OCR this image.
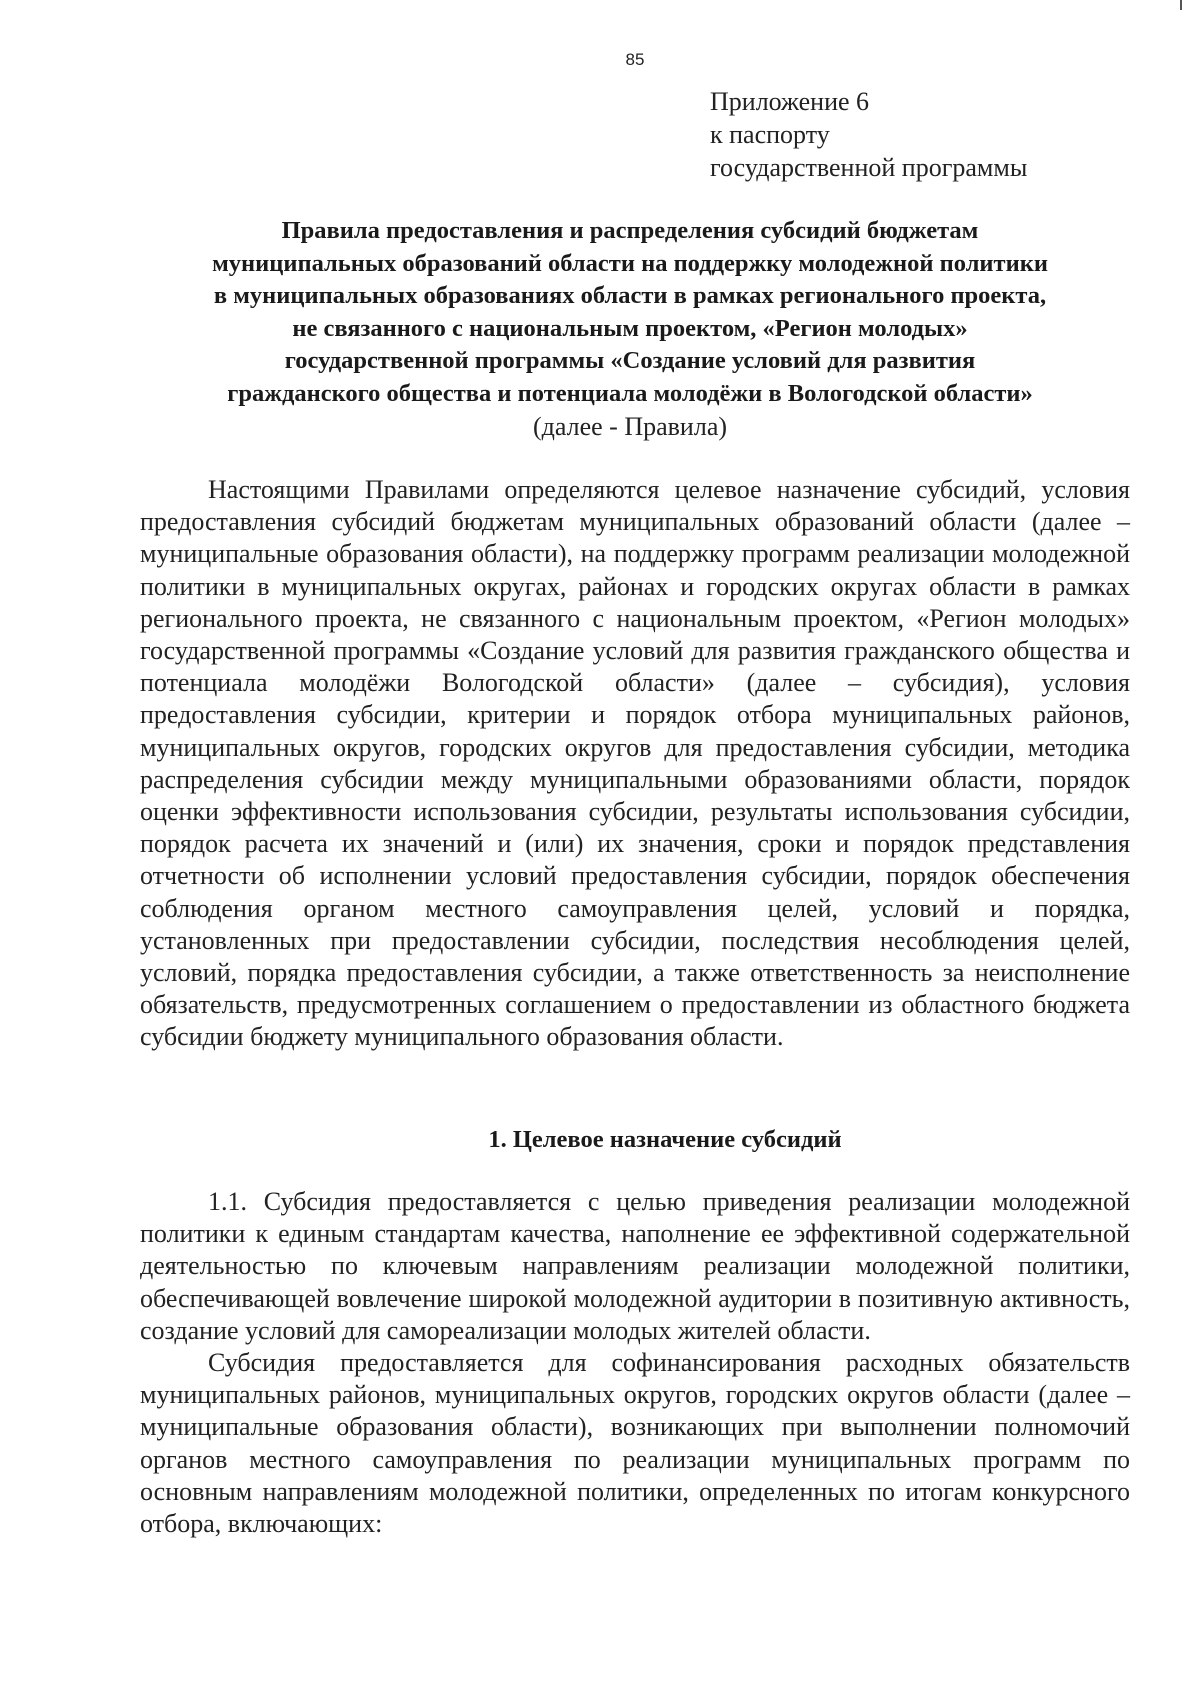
85
Приложение 6
к паспорту
государственной программы
Правила предоставления и распределения субсидий бюджетам
муниципальных образований области на поддержку молодежной политики
в муниципальных образованиях области в рамках регионального проекта,
не связанного с национальным проектом, «Регион молодых»
государственной программы «Создание условий для развития
гражданского общества и потенциала молодёжи в Вологодской области»
(далее - Правила)

Настоящими Правилами определяются целевое назначение субсидий, условия предоставления субсидий бюджетам муниципальных образований области (далее – муниципальные образования области), на поддержку программ реализации молодежной политики в муниципальных округах, районах и городских округах области в рамках регионального проекта, не связанного с национальным проектом, «Регион молодых» государственной программы «Создание условий для развития гражданского общества и потенциала молодёжи Вологодской области» (далее – субсидия), условия предоставления субсидии, критерии и порядок отбора муниципальных районов, муниципальных округов, городских округов для предоставления субсидии, методика распределения субсидии между муниципальными образованиями области, порядок оценки эффективности использования субсидии, результаты использования субсидии, порядок расчета их значений и (или) их значения, сроки и порядок представления отчетности об исполнении условий предоставления субсидии, порядок обеспечения соблюдения органом местного самоуправления целей, условий и порядка, установленных при предоставлении субсидии, последствия несоблюдения целей, условий, порядка предоставления субсидии, а также ответственность за неисполнение обязательств, предусмотренных соглашением о предоставлении из областного бюджета субсидии бюджету муниципального образования области.

1. Целевое назначение субсидий

1.1. Субсидия предоставляется с целью приведения реализации молодежной политики к единым стандартам качества, наполнение ее эффективной содержательной деятельностью по ключевым направлениям реализации молодежной политики, обеспечивающей вовлечение широкой молодежной аудитории в позитивную активность, создание условий для самореализации молодых жителей области.

Субсидия предоставляется для софинансирования расходных обязательств муниципальных районов, муниципальных округов, городских округов области (далее – муниципальные образования области), возникающих при выполнении полномочий органов местного самоуправления по реализации муниципальных программ по основным направлениям молодежной политики, определенных по итогам конкурсного отбора, включающих:
